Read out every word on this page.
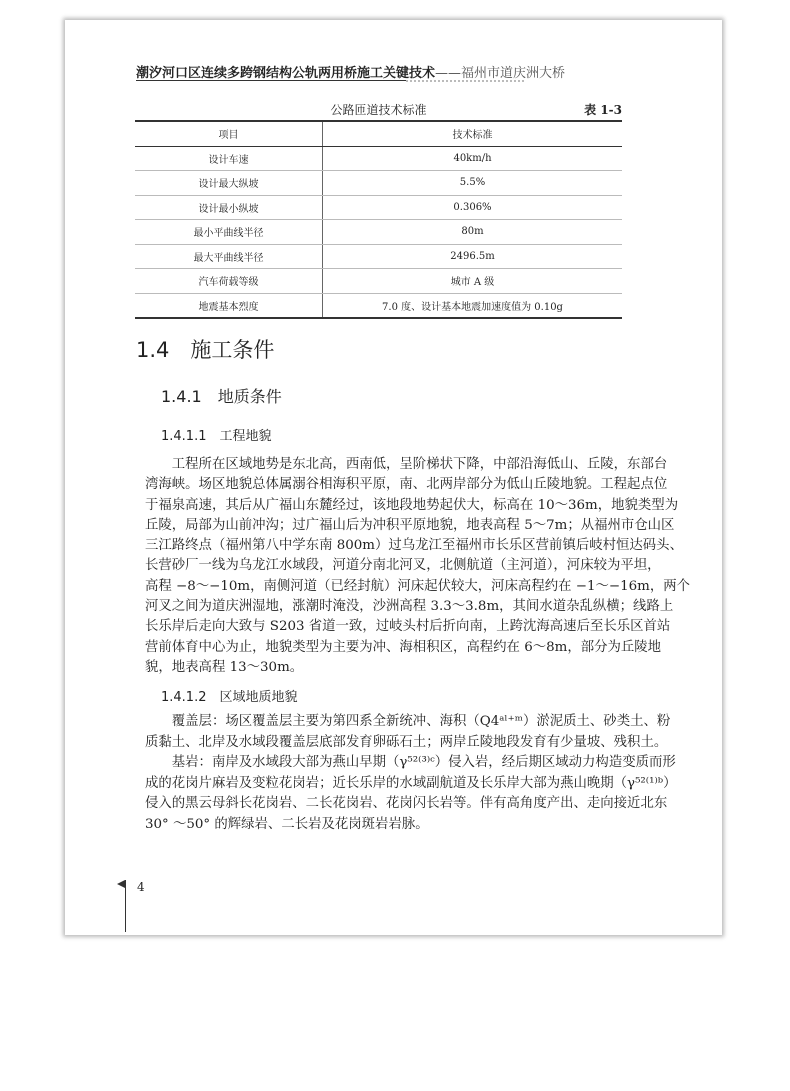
潮汐河口区连续多跨钢结构公轨两用桥施工关键技术——福州市道庆洲大桥
公路匝道技术标准	表 1-3
项目	技术标准
设计车速	40km/h
设计最大纵坡	5.5%
设计最小纵坡	0.306%
最小平曲线半径	80m
最大平曲线半径	2496.5m
汽车荷载等级	城市 A 级
地震基本烈度	7.0 度、设计基本地震加速度值为 0.10g
1.4　施工条件
1.4.1　地质条件
1.4.1.1　工程地貌
　　工程所在区域地势是东北高，西南低，呈阶梯状下降，中部沿海低山、丘陵，东部台
湾海峡。场区地貌总体属溺谷相海积平原，南、北两岸部分为低山丘陵地貌。工程起点位
于福泉高速，其后从广福山东麓经过，该地段地势起伏大，标高在 10～36m，地貌类型为
丘陵，局部为山前冲沟；过广福山后为冲积平原地貌，地表高程 5～7m；从福州市仓山区
三江路终点（福州第八中学东南 800m）过乌龙江至福州市长乐区营前镇后岐村恒达码头、
长营砂厂一线为乌龙江水域段，河道分南北河叉，北侧航道（主河道），河床较为平坦，
高程 −8～−10m，南侧河道（已经封航）河床起伏较大，河床高程约在 −1～−16m，两个
河叉之间为道庆洲湿地，涨潮时淹没，沙洲高程 3.3～3.8m，其间水道杂乱纵横；线路上
长乐岸后走向大致与 S203 省道一致，过岐头村后折向南，上跨沈海高速后至长乐区首站
营前体育中心为止，地貌类型为主要为冲、海相积区，高程约在 6～8m，部分为丘陵地
貌，地表高程 13～30m。
1.4.1.2　区域地质地貌
　　覆盖层：场区覆盖层主要为第四系全新统冲、海积（Q4ᵃˡ⁺ᵐ）淤泥质土、砂类土、粉
质黏土、北岸及水域段覆盖层底部发育卵砾石土；两岸丘陵地段发育有少量坡、残积土。
　　基岩：南岸及水域段大部为燕山早期（γ⁵²⁽³⁾ᶜ）侵入岩，经后期区域动力构造变质而形
成的花岗片麻岩及变粒花岗岩；近长乐岸的水域副航道及长乐岸大部为燕山晚期（γ⁵²⁽¹⁾ᵇ）
侵入的黑云母斜长花岗岩、二长花岗岩、花岗闪长岩等。伴有高角度产出、走向接近北东
30° ～50° 的辉绿岩、二长岩及花岗斑岩岩脉。
4
